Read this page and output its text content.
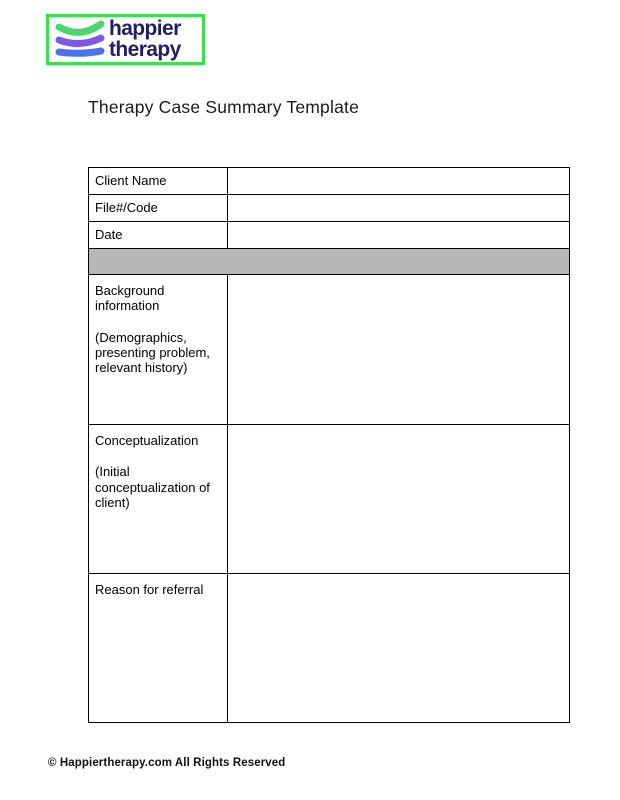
happier
therapy
Therapy Case Summary Template
Client Name	
File#/Code	
Date	

Background information
(Demographics, presenting problem, relevant history)	

Conceptualization
(Initial conceptualization of client)	

Reason for referral	

© Happiertherapy.com All Rights Reserved
